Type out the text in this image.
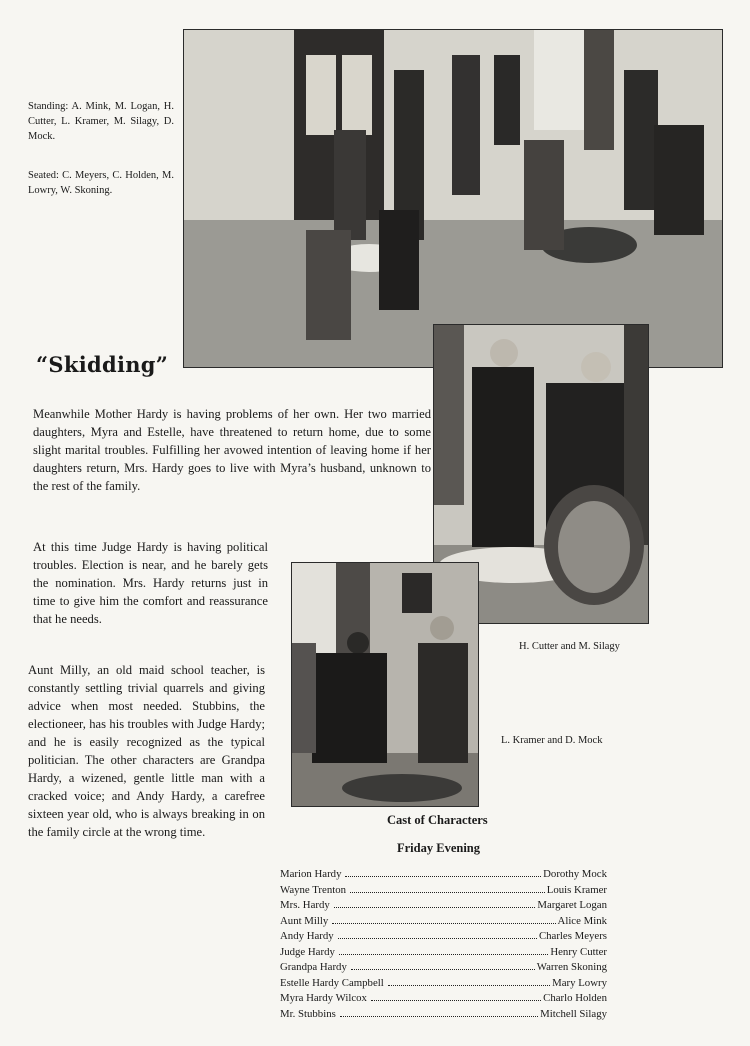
Standing: A. Mink, M. Logan, H. Cutter, L. Kramer, M. Silagy, D. Mock.

Seated: C. Meyers, C. Holden, M. Lowry, W. Skoning.

“Skidding”

Meanwhile Mother Hardy is having problems of her own. Her two married daughters, Myra and Estelle, have threatened to return home, due to some slight marital troubles. Fulfilling her avowed intention of leaving home if her daughters return, Mrs. Hardy goes to live with Myra’s husband, unknown to the rest of the family.

At this time Judge Hardy is having political troubles. Election is near, and he barely gets the nomination. Mrs. Hardy returns just in time to give him the comfort and reassurance that he needs.

Aunt Milly, an old maid school teacher, is constantly settling trivial quarrels and giving advice when most needed. Stubbins, the electioneer, has his troubles with Judge Hardy; and he is easily recognized as the typical politician. The other characters are Grandpa Hardy, a wizened, gentle little man with a cracked voice; and Andy Hardy, a carefree sixteen year old, who is always breaking in on the family circle at the wrong time.

H. Cutter and M. Silagy

L. Kramer and D. Mock

Cast of Characters
Friday Evening
Marion Hardy	Dorothy Mock
Wayne Trenton	Louis Kramer
Mrs. Hardy	Margaret Logan
Aunt Milly	Alice Mink
Andy Hardy	Charles Meyers
Judge Hardy	Henry Cutter
Grandpa Hardy	Warren Skoning
Estelle Hardy Campbell	Mary Lowry
Myra Hardy Wilcox	Charlo Holden
Mr. Stubbins	Mitchell Silagy
